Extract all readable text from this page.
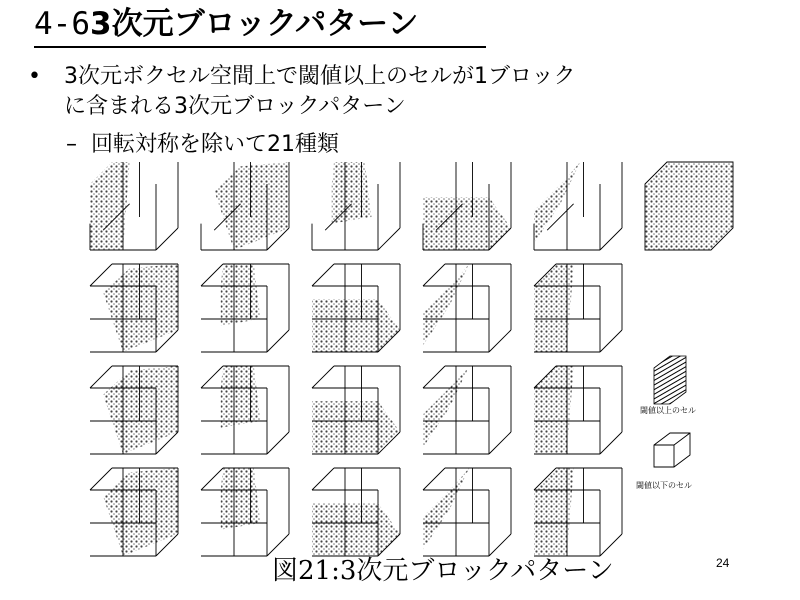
4-63次元ブロックパターン
• 3次元ボクセル空間上で閾値以上のセルが1ブロック
に含まれる3次元ブロックパターン
– 回転対称を除いて21種類
閾値以上のセル
閾値以下のセル
図21:3次元ブロックパターン	24
